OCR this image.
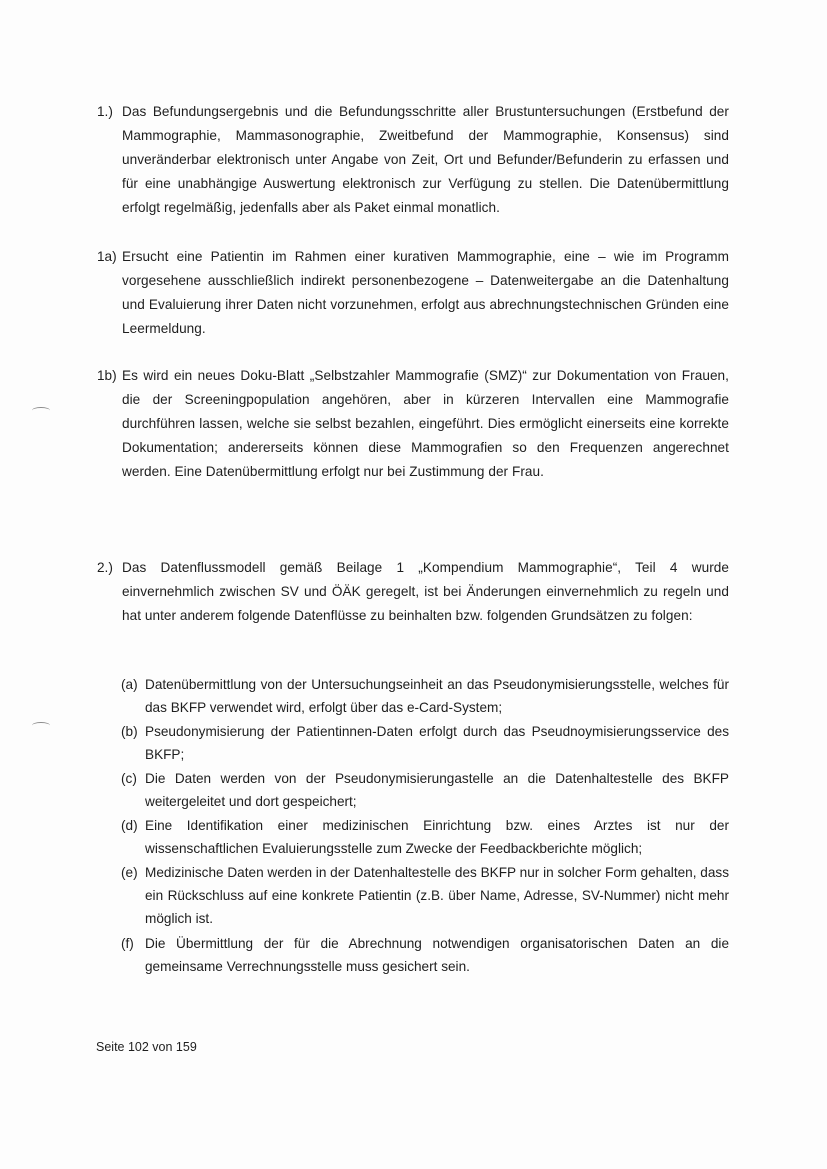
1.) Das Befundungsergebnis und die Befundungsschritte aller Brustuntersuchungen (Erstbefund der Mammographie, Mammasonographie, Zweitbefund der Mammographie, Konsensus) sind unveränderbar elektronisch unter Angabe von Zeit, Ort und Befunder/Befunderin zu erfassen und für eine unabhängige Auswertung elektronisch zur Verfügung zu stellen. Die Datenübermittlung erfolgt regelmäßig, jedenfalls aber als Paket einmal monatlich.
1a) Ersucht eine Patientin im Rahmen einer kurativen Mammographie, eine – wie im Programm vorgesehene ausschließlich indirekt personenbezogene – Datenweitergabe an die Datenhaltung und Evaluierung ihrer Daten nicht vorzunehmen, erfolgt aus abrechnungstechnischen Gründen eine Leermeldung.
1b) Es wird ein neues Doku-Blatt „Selbstzahler Mammografie (SMZ)“ zur Dokumentation von Frauen, die der Screeningpopulation angehören, aber in kürzeren Intervallen eine Mammografie durchführen lassen, welche sie selbst bezahlen, eingeführt. Dies ermöglicht einerseits eine korrekte Dokumentation; andererseits können diese Mammografien so den Frequenzen angerechnet werden. Eine Datenübermittlung erfolgt nur bei Zustimmung der Frau.
2.) Das Datenflussmodell gemäß Beilage 1 „Kompendium Mammographie“, Teil 4 wurde einvernehmlich zwischen SV und ÖÄK geregelt, ist bei Änderungen einvernehmlich zu regeln und hat unter anderem folgende Datenflüsse zu beinhalten bzw. folgenden Grundsätzen zu folgen:
(a) Datenübermittlung von der Untersuchungseinheit an das Pseudonymisierungsstelle, welches für das BKFP verwendet wird, erfolgt über das e-Card-System;
(b) Pseudonymisierung der Patientinnen-Daten erfolgt durch das Pseudnoymisierungsservice des BKFP;
(c) Die Daten werden von der Pseudonymisierungastelle an die Datenhaltestelle des BKFP weitergeleitet und dort gespeichert;
(d) Eine Identifikation einer medizinischen Einrichtung bzw. eines Arztes ist nur der wissenschaftlichen Evaluierungsstelle zum Zwecke der Feedbackberichte möglich;
(e) Medizinische Daten werden in der Datenhaltestelle des BKFP nur in solcher Form gehalten, dass ein Rückschluss auf eine konkrete Patientin (z.B. über Name, Adresse, SV-Nummer) nicht mehr möglich ist.
(f) Die Übermittlung der für die Abrechnung notwendigen organisatorischen Daten an die gemeinsame Verrechnungsstelle muss gesichert sein.
Seite 102 von 159
